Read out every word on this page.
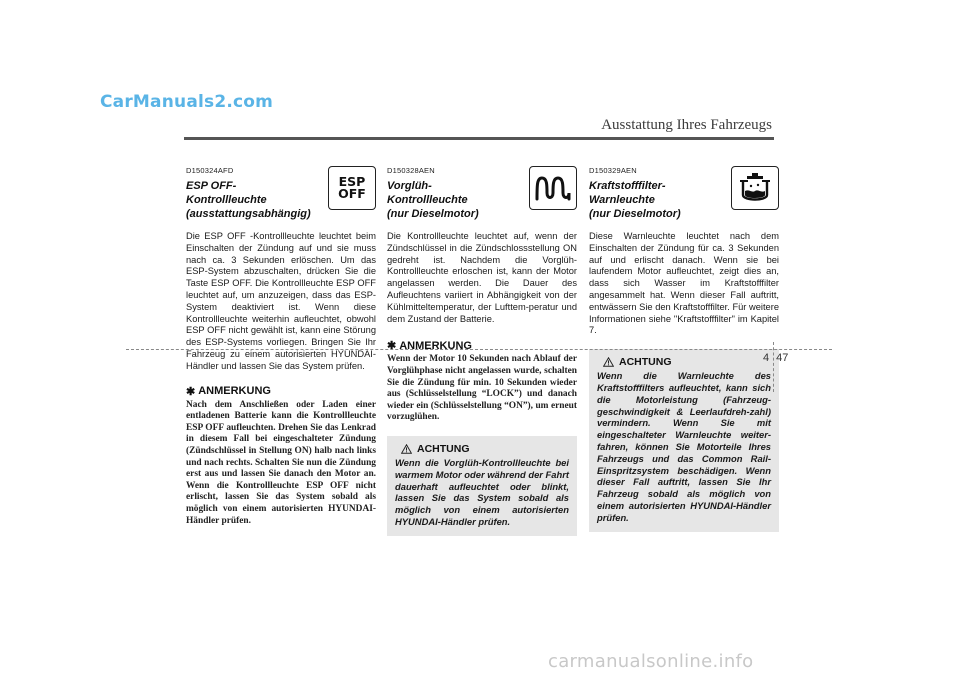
CarManuals2.com
Ausstattung Ihres Fahrzeugs
D150324AFD
ESP OFF-Kontrollleuchte
(ausstattungsabhängig)
ESP
OFF

Die ESP OFF -Kontrollleuchte leuchtet beim Einschalten der Zündung auf und sie muss nach ca. 3 Sekunden erlöschen. Um das ESP-System abzuschalten, drücken Sie die Taste ESP OFF. Die Kontrollleuchte ESP OFF leuchtet auf, um anzuzeigen, dass das ESP-System deaktiviert ist. Wenn diese Kontrollleuchte weiterhin aufleuchtet, obwohl ESP OFF nicht gewählt ist, kann eine Störung des ESP-Systems vorliegen. Bringen Sie Ihr Fahrzeug zu einem autorisierten HYUNDAI-Händler und lassen Sie das System prüfen.

✱ ANMERKUNG

Nach dem Anschließen oder Laden einer entladenen Batterie kann die Kontrollleuchte ESP OFF aufleuchten. Drehen Sie das Lenkrad in diesem Fall bei eingeschalteter Zündung (Zündschlüssel in Stellung ON) halb nach links und nach rechts. Schalten Sie nun die Zündung erst aus und lassen Sie danach den Motor an. Wenn die Kontrollleuchte ESP OFF nicht erlischt, lassen Sie das System sobald als möglich von einem autorisierten HYUNDAI-Händler prüfen.

D150328AEN
Vorglüh-Kontrollleuchte
(nur Dieselmotor)

Die Kontrollleuchte leuchtet auf, wenn der Zündschlüssel in die Zündschlossstellung ON gedreht ist. Nachdem die Vorglüh-Kontrollleuchte erloschen ist, kann der Motor angelassen werden. Die Dauer des Aufleuchtens variiert in Abhängigkeit von der Kühlmitteltemperatur, der Lufttem-peratur und dem Zustand der Batterie.

✱ ANMERKUNG

Wenn der Motor 10 Sekunden nach Ablauf der Vorglühphase nicht angelassen wurde, schalten Sie die Zündung für min. 10 Sekunden wieder aus (Schlüsselstellung “LOCK”) und danach wieder ein (Schlüsselstellung “ON”), um erneut vorzuglühen.

ACHTUNG

Wenn die Vorglüh-Kontrollleuchte bei warmem Motor oder während der Fahrt dauerhaft aufleuchtet oder blinkt, lassen Sie das System sobald als möglich von einem autorisierten HYUNDAI-Händler prüfen.

D150329AEN
Kraftstofffilter-Warnleuchte
(nur Dieselmotor)

Diese Warnleuchte leuchtet nach dem Einschalten der Zündung für ca. 3 Sekunden auf und erlischt danach. Wenn sie bei laufendem Motor aufleuchtet, zeigt dies an, dass sich Wasser im Kraftstofffilter angesammelt hat. Wenn dieser Fall auftritt, entwässern Sie den Kraftstofffilter. Für weitere Informationen siehe "Kraftstofffilter" im Kapitel 7.

ACHTUNG

Wenn die Warnleuchte des Kraftstofffilters aufleuchtet, kann sich die Motorleistung (Fahrzeug-geschwindigkeit & Leerlaufdreh-zahl) vermindern. Wenn Sie mit eingeschalteter Warnleuchte weiter-fahren, können Sie Motorteile Ihres Fahrzeugs und das Common Rail-Einspritzsystem beschädigen. Wenn dieser Fall auftritt, lassen Sie Ihr Fahrzeug sobald als möglich von einem autorisierten HYUNDAI-Händler prüfen.

4 47
carmanualsonline.info
